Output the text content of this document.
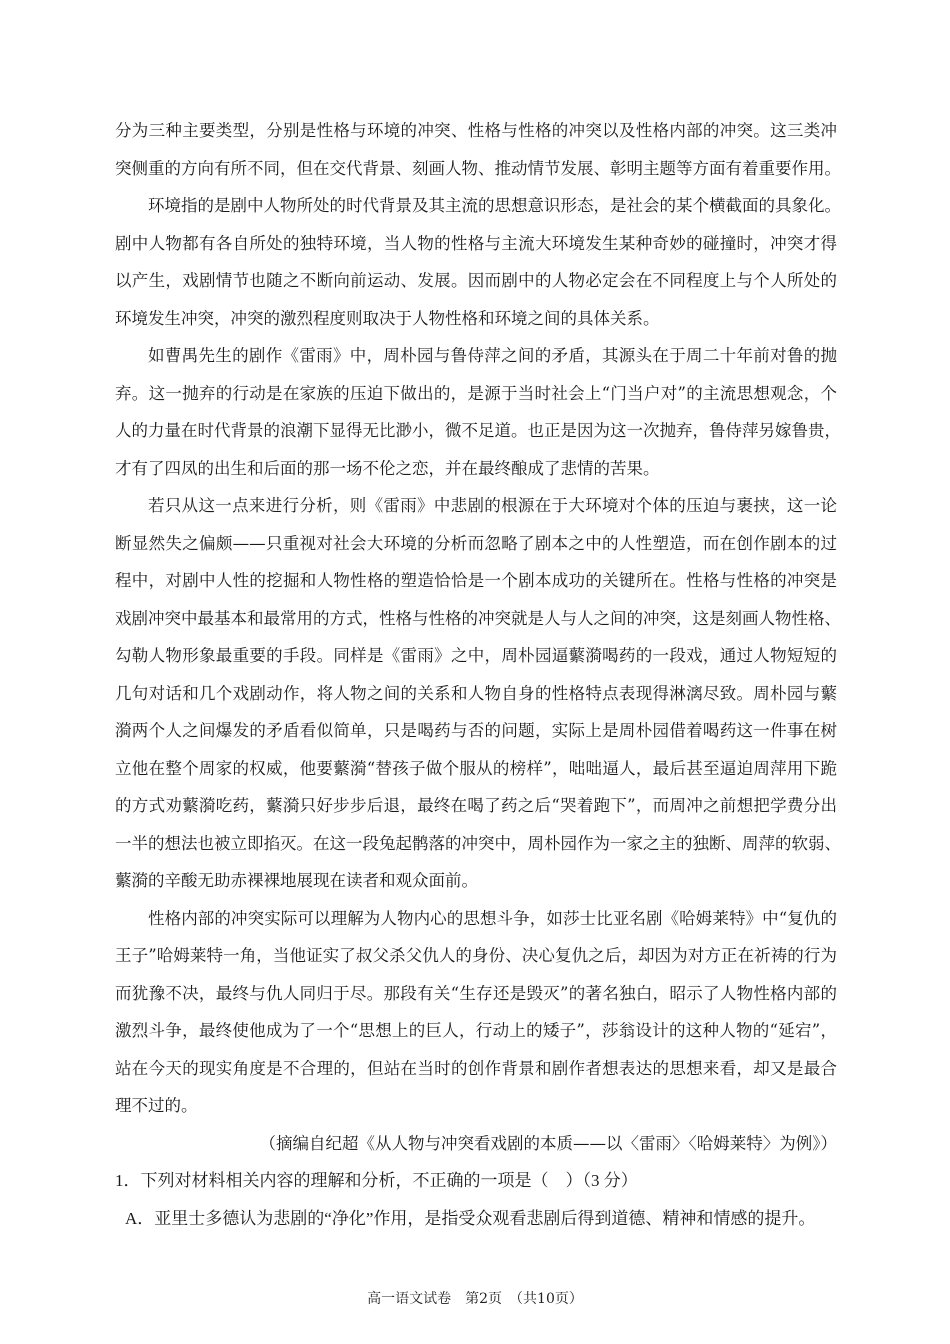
分为三种主要类型，分别是性格与环境的冲突、性格与性格的冲突以及性格内部的冲突。这三类冲
突侧重的方向有所不同，但在交代背景、刻画人物、推动情节发展、彰明主题等方面有着重要作用。
环境指的是剧中人物所处的时代背景及其主流的思想意识形态，是社会的某个横截面的具象化。
剧中人物都有各自所处的独特环境，当人物的性格与主流大环境发生某种奇妙的碰撞时，冲突才得
以产生，戏剧情节也随之不断向前运动、发展。因而剧中的人物必定会在不同程度上与个人所处的
环境发生冲突，冲突的激烈程度则取决于人物性格和环境之间的具体关系。
如曹禺先生的剧作《雷雨》中，周朴园与鲁侍萍之间的矛盾，其源头在于周二十年前对鲁的抛
弃。这一抛弃的行动是在家族的压迫下做出的，是源于当时社会上“门当户对”的主流思想观念，个
人的力量在时代背景的浪潮下显得无比渺小，微不足道。也正是因为这一次抛弃，鲁侍萍另嫁鲁贵，
才有了四凤的出生和后面的那一场不伦之恋，并在最终酿成了悲情的苦果。
若只从这一点来进行分析，则《雷雨》中悲剧的根源在于大环境对个体的压迫与裹挟，这一论
断显然失之偏颇——只重视对社会大环境的分析而忽略了剧本之中的人性塑造，而在创作剧本的过
程中，对剧中人性的挖掘和人物性格的塑造恰恰是一个剧本成功的关键所在。性格与性格的冲突是
戏剧冲突中最基本和最常用的方式，性格与性格的冲突就是人与人之间的冲突，这是刻画人物性格、
勾勒人物形象最重要的手段。同样是《雷雨》之中，周朴园逼蘩漪喝药的一段戏，通过人物短短的
几句对话和几个戏剧动作，将人物之间的关系和人物自身的性格特点表现得淋漓尽致。周朴园与蘩
漪两个人之间爆发的矛盾看似简单，只是喝药与否的问题，实际上是周朴园借着喝药这一件事在树
立他在整个周家的权威，他要蘩漪“替孩子做个服从的榜样”，咄咄逼人，最后甚至逼迫周萍用下跪
的方式劝蘩漪吃药，蘩漪只好步步后退，最终在喝了药之后“哭着跑下”，而周冲之前想把学费分出
一半的想法也被立即掐灭。在这一段兔起鹘落的冲突中，周朴园作为一家之主的独断、周萍的软弱、
蘩漪的辛酸无助赤裸裸地展现在读者和观众面前。
性格内部的冲突实际可以理解为人物内心的思想斗争，如莎士比亚名剧《哈姆莱特》中“复仇的
王子”哈姆莱特一角，当他证实了叔父杀父仇人的身份、决心复仇之后，却因为对方正在祈祷的行为
而犹豫不决，最终与仇人同归于尽。那段有关“生存还是毁灭”的著名独白，昭示了人物性格内部的
激烈斗争，最终使他成为了一个“思想上的巨人，行动上的矮子”，莎翁设计的这种人物的“延宕”，
站在今天的现实角度是不合理的，但站在当时的创作背景和剧作者想表达的思想来看，却又是最合
理不过的。
（摘编自纪超《从人物与冲突看戏剧的本质——以〈雷雨〉〈哈姆莱特〉为例》）
1．下列对材料相关内容的理解和分析，不正确的一项是（　）（3 分）
A．亚里士多德认为悲剧的“净化”作用，是指受众观看悲剧后得到道德、精神和情感的提升。
高一语文试卷　第2页　（共10页）
